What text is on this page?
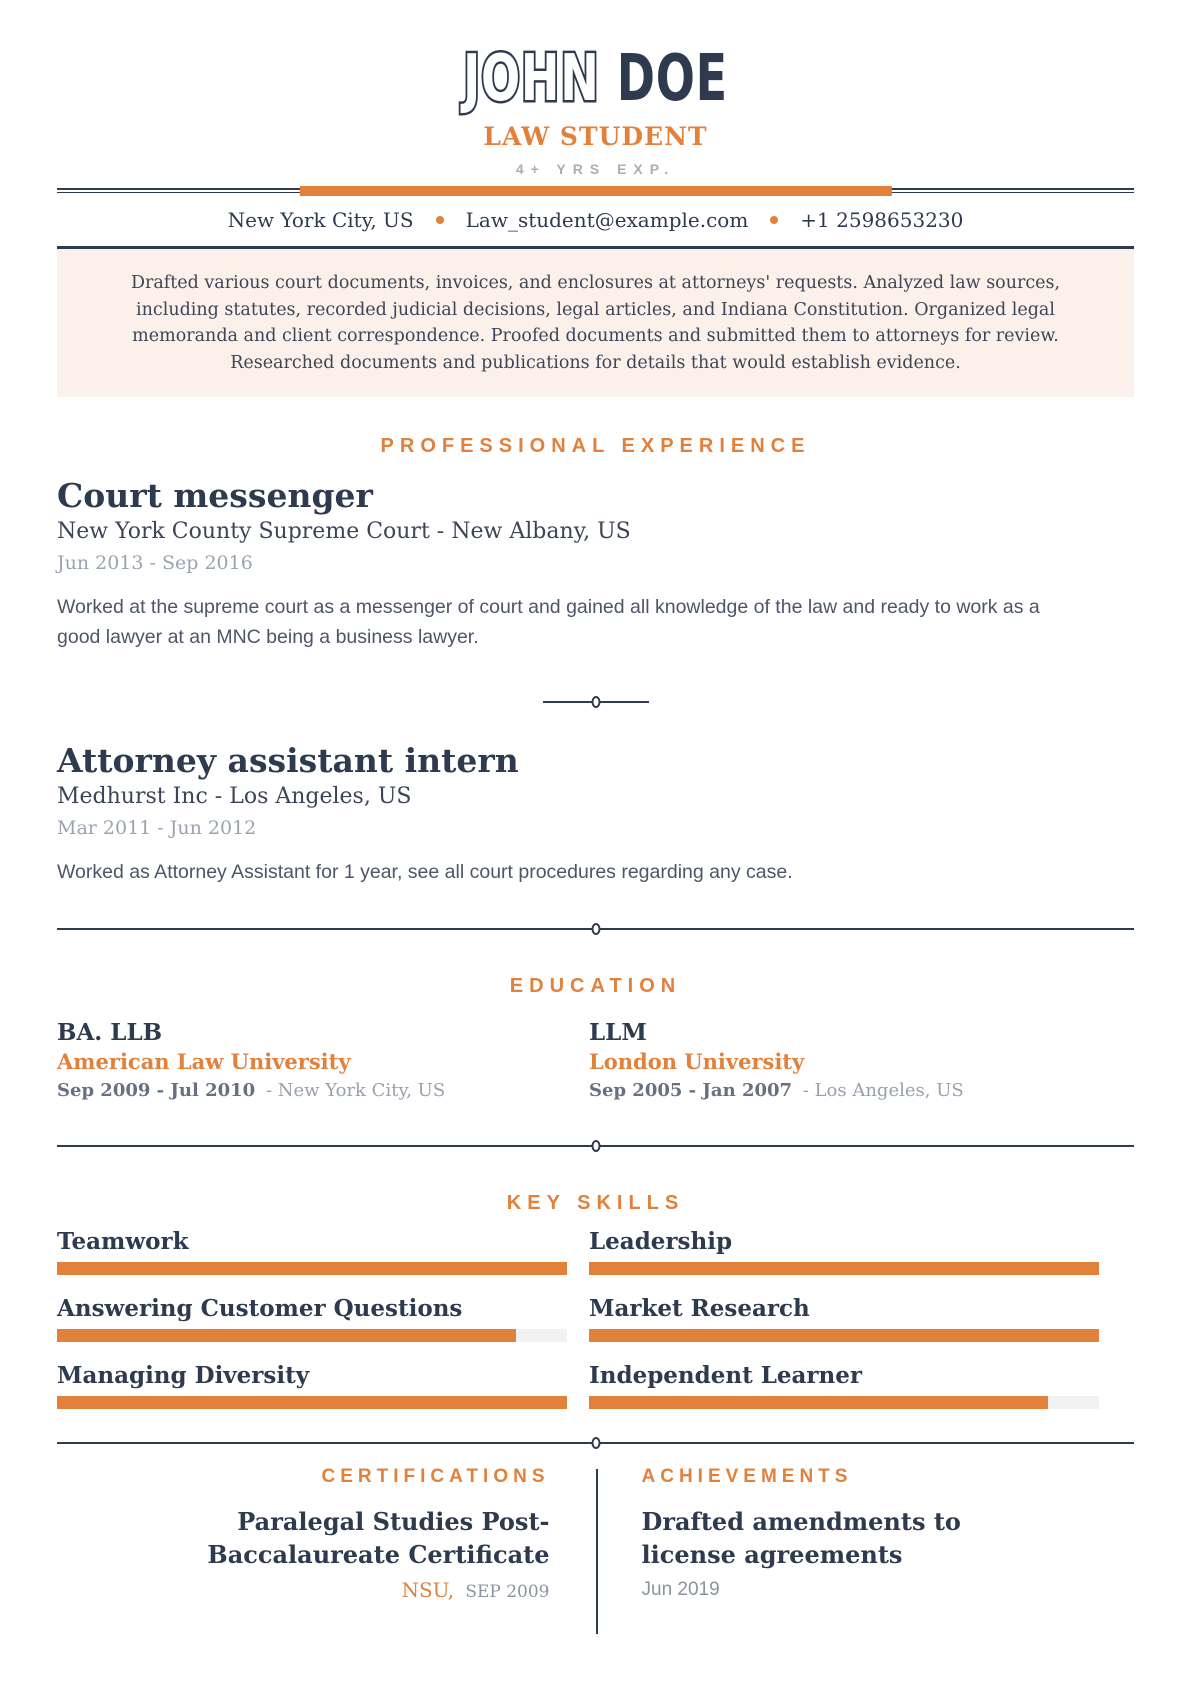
JOHN DOE
LAW STUDENT
4+ YRS EXP.
New York City, US	Law_student@example.com	+1 2598653230
Drafted various court documents, invoices, and enclosures at attorneys' requests. Analyzed law sources, including statutes, recorded judicial decisions, legal articles, and Indiana Constitution. Organized legal memoranda and client correspondence. Proofed documents and submitted them to attorneys for review. Researched documents and publications for details that would establish evidence.
PROFESSIONAL EXPERIENCE
Court messenger
New York County Supreme Court - New Albany, US
Jun 2013 - Sep 2016
Worked at the supreme court as a messenger of court and gained all knowledge of the law and ready to work as a good lawyer at an MNC being a business lawyer.
Attorney assistant intern
Medhurst Inc - Los Angeles, US
Mar 2011 - Jun 2012
Worked as Attorney Assistant for 1 year, see all court procedures regarding any case.
EDUCATION
BA. LLB
American Law University
Sep 2009 - Jul 2010 - New York City, US
LLM
London University
Sep 2005 - Jan 2007 - Los Angeles, US
KEY SKILLS
Teamwork	Leadership
Answering Customer Questions	Market Research
Managing Diversity	Independent Learner
CERTIFICATIONS
Paralegal Studies Post-Baccalaureate Certificate
NSU, SEP 2009
ACHIEVEMENTS
Drafted amendments to license agreements
Jun 2019
